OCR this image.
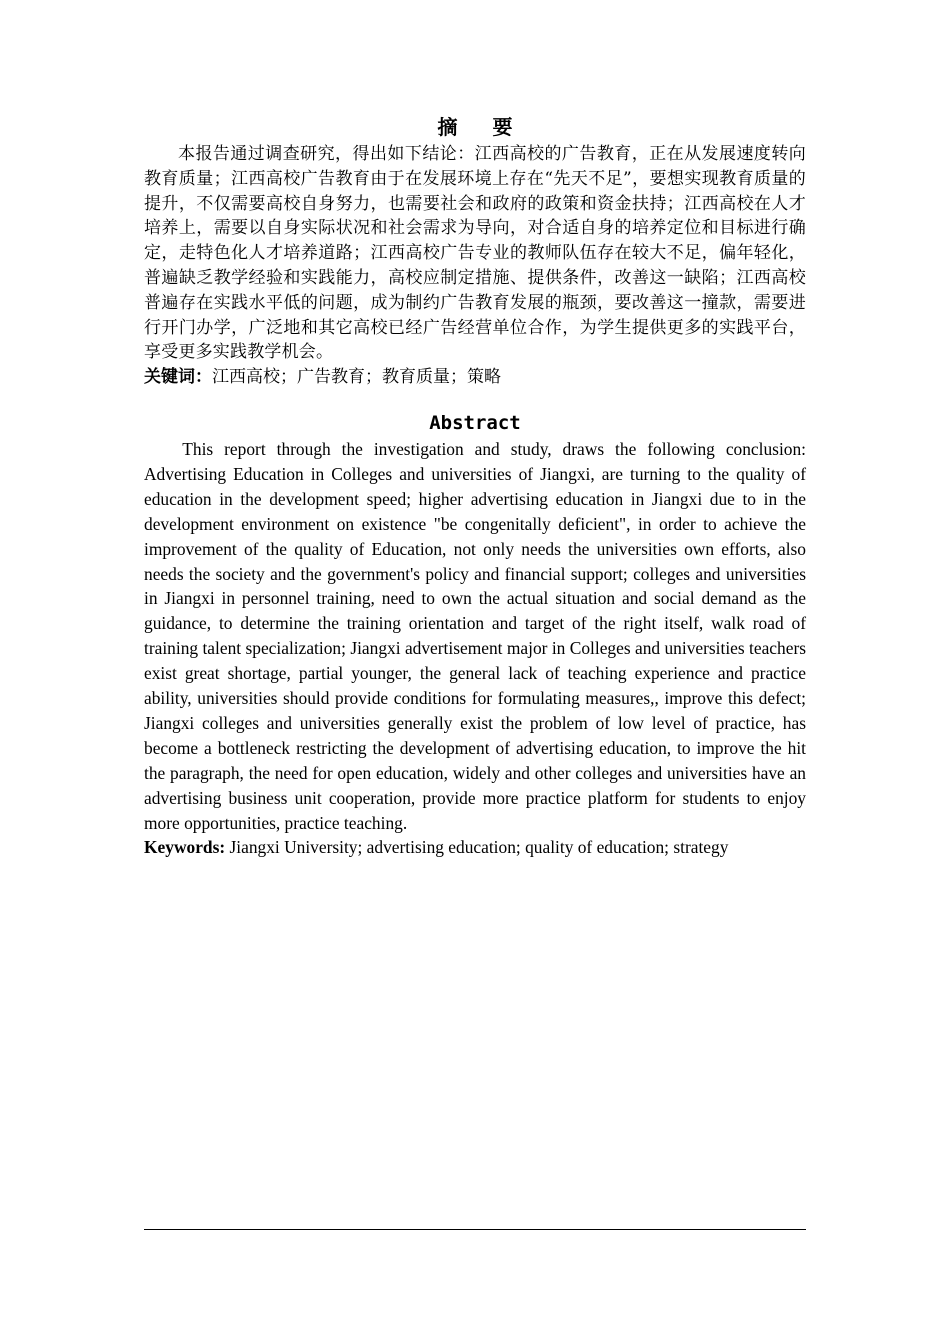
摘 要

本报告通过调查研究，得出如下结论：江西高校的广告教育，正在从发展速度转向教育质量；江西高校广告教育由于在发展环境上存在“先天不足”，要想实现教育质量的提升，不仅需要高校自身努力，也需要社会和政府的政策和资金扶持；江西高校在人才培养上，需要以自身实际状况和社会需求为导向，对合适自身的培养定位和目标进行确定，走特色化人才培养道路；江西高校广告专业的教师队伍存在较大不足，偏年轻化，普遍缺乏教学经验和实践能力，高校应制定措施、提供条件，改善这一缺陷；江西高校普遍存在实践水平低的问题，成为制约广告教育发展的瓶颈，要改善这一撞款，需要进行开门办学，广泛地和其它高校已经广告经营单位合作，为学生提供更多的实践平台，享受更多实践教学机会。

关键词：江西高校；广告教育；教育质量；策略

Abstract

This report through the investigation and study, draws the following conclusion: Advertising Education in Colleges and universities of Jiangxi, are turning to the quality of education in the development speed; higher advertising education in Jiangxi due to in the development environment on existence "be congenitally deficient", in order to achieve the improvement of the quality of Education, not only needs the universities own efforts, also needs the society and the government's policy and financial support; colleges and universities in Jiangxi in personnel training, need to own the actual situation and social demand as the guidance, to determine the training orientation and target of the right itself, walk road of training talent specialization; Jiangxi advertisement major in Colleges and universities teachers exist great shortage, partial younger, the general lack of teaching experience and practice ability, universities should provide conditions for formulating measures,, improve this defect; Jiangxi colleges and universities generally exist the problem of low level of practice, has become a bottleneck restricting the development of advertising education, to improve the hit the paragraph, the need for open education, widely and other colleges and universities have an advertising business unit cooperation, provide more practice platform for students to enjoy more opportunities, practice teaching.

Keywords: Jiangxi University; advertising education; quality of education; strategy
